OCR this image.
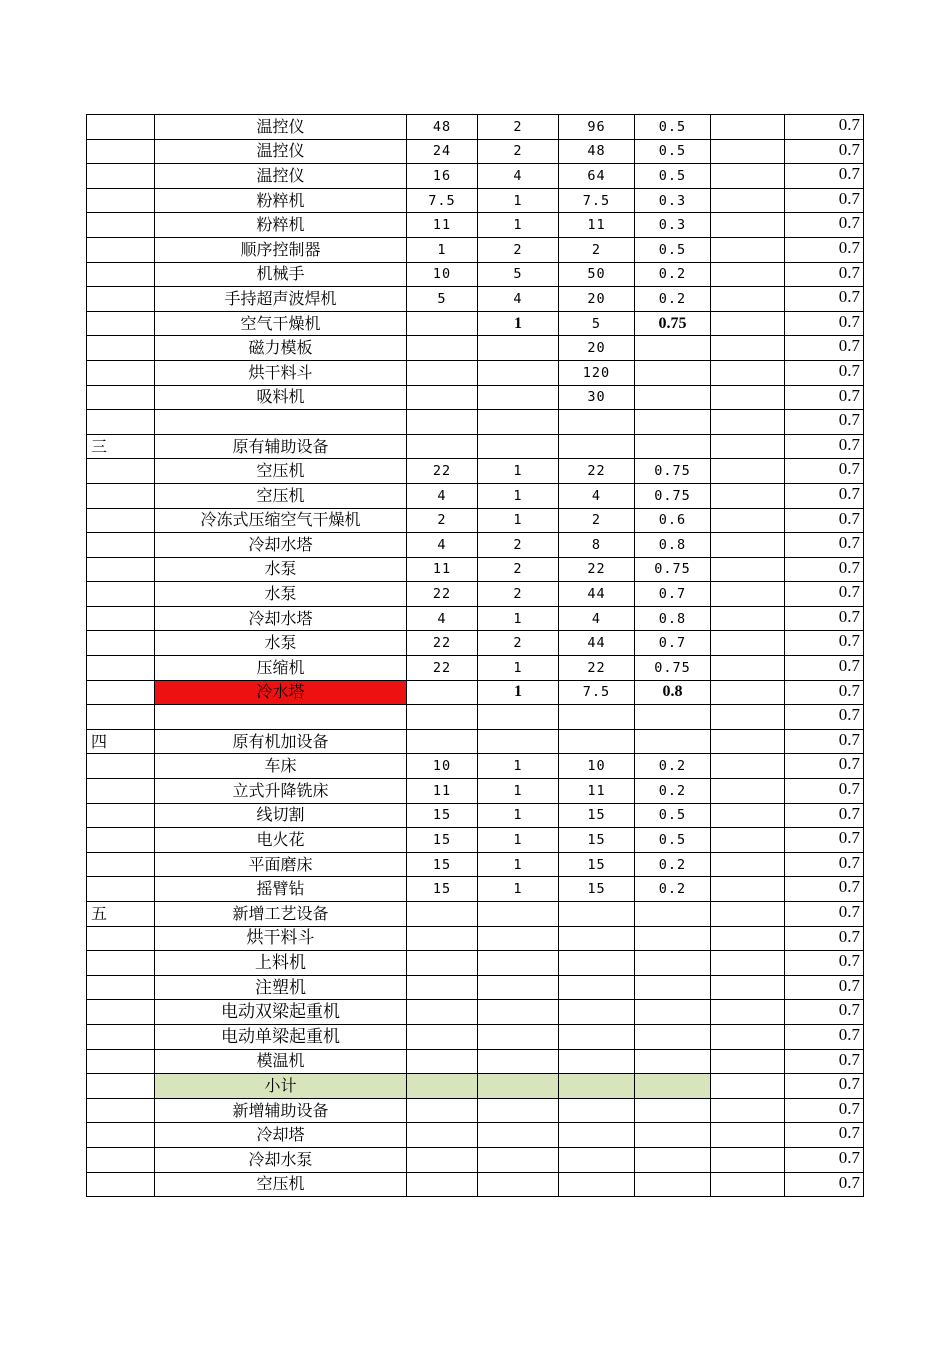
	温控仪	48	2	96	0.5		0.7
	温控仪	24	2	48	0.5		0.7
	温控仪	16	4	64	0.5		0.7
	粉粹机	7.5	1	7.5	0.3		0.7
	粉粹机	11	1	11	0.3		0.7
	顺序控制器	1	2	2	0.5		0.7
	机械手	10	5	50	0.2		0.7
	手持超声波焊机	5	4	20	0.2		0.7
	空气干燥机		1	5	0.75		0.7
	磁力模板			20			0.7
	烘干料斗			120			0.7
	吸料机			30			0.7
							0.7
三	原有辅助设备						0.7
	空压机	22	1	22	0.75		0.7
	空压机	4	1	4	0.75		0.7
	冷冻式压缩空气干燥机	2	1	2	0.6		0.7
	冷却水塔	4	2	8	0.8		0.7
	水泵	11	2	22	0.75		0.7
	水泵	22	2	44	0.7		0.7
	冷却水塔	4	1	4	0.8		0.7
	水泵	22	2	44	0.7		0.7
	压缩机	22	1	22	0.75		0.7
	冷水塔		1	7.5	0.8		0.7
							0.7
四	原有机加设备						0.7
	车床	10	1	10	0.2		0.7
	立式升降铣床	11	1	11	0.2		0.7
	线切割	15	1	15	0.5		0.7
	电火花	15	1	15	0.5		0.7
	平面磨床	15	1	15	0.2		0.7
	摇臂钻	15	1	15	0.2		0.7
五	新增工艺设备						0.7
	烘干料斗						0.7
	上料机						0.7
	注塑机						0.7
	电动双梁起重机						0.7
	电动单梁起重机						0.7
	模温机						0.7
	小计						0.7
	新增辅助设备						0.7
	冷却塔						0.7
	冷却水泵						0.7
	空压机						0.7
